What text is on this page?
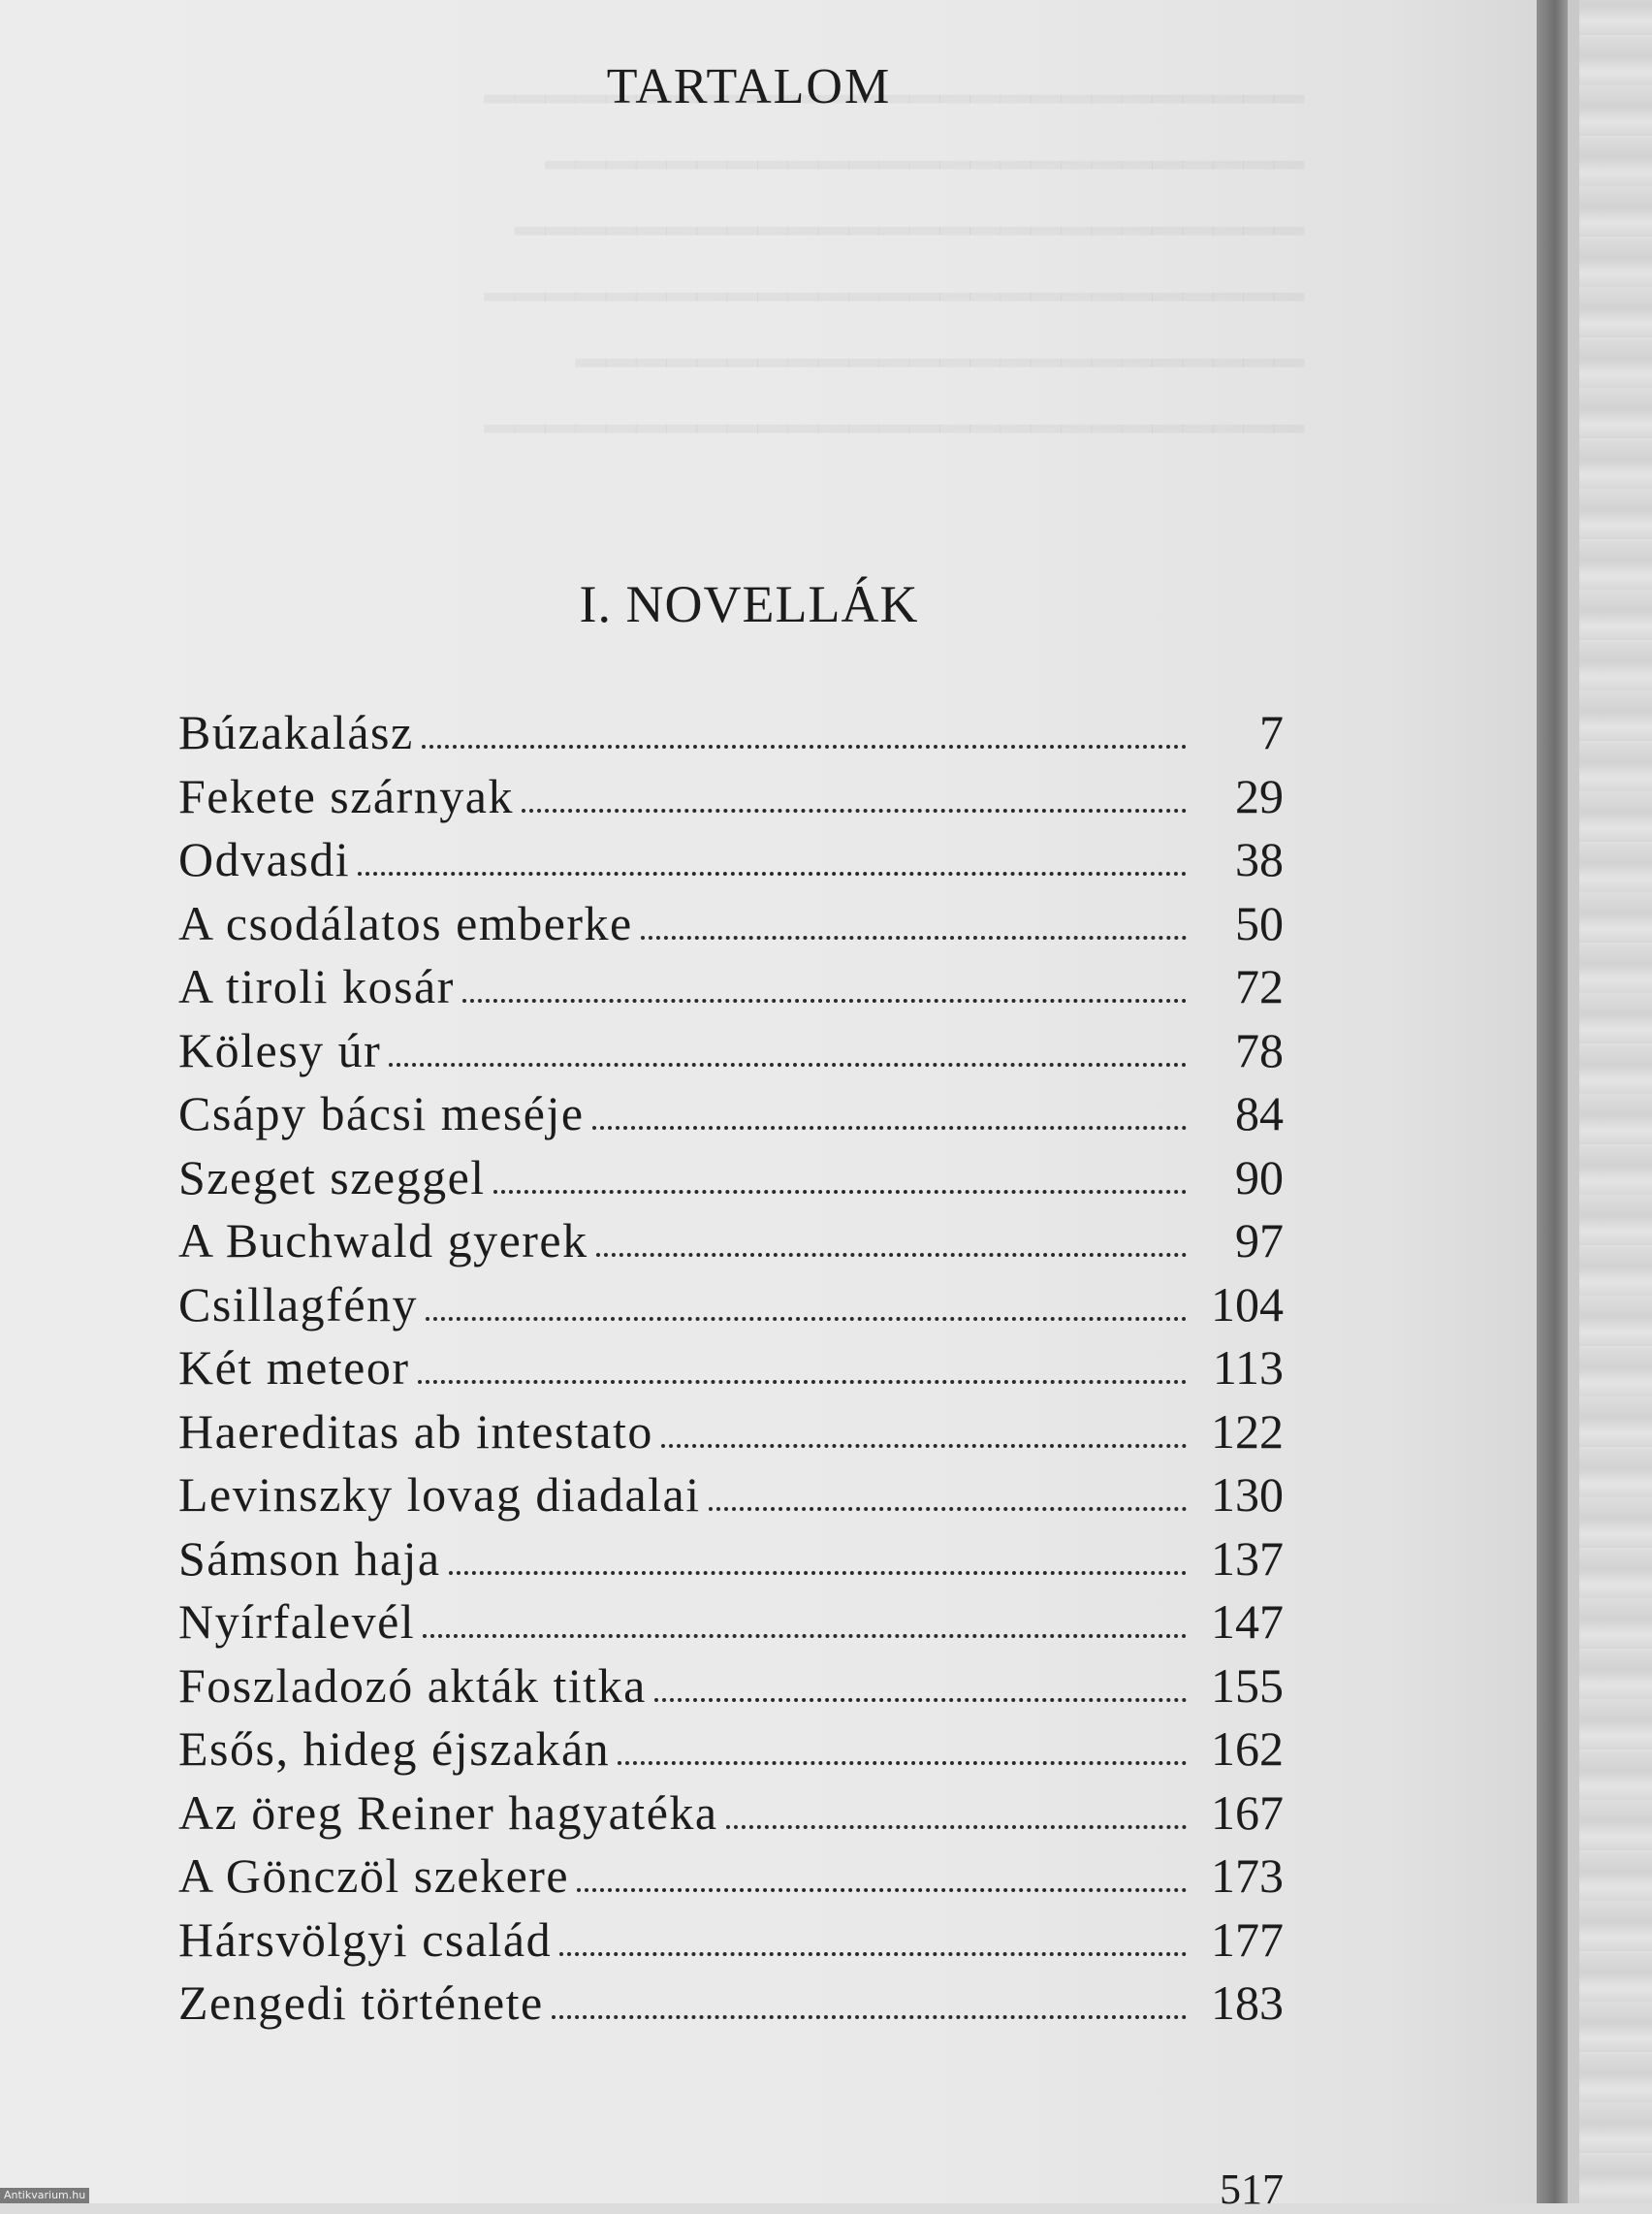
TARTALOM
I. NOVELLÁK
Búzakalász	7
Fekete szárnyak	29
Odvasdi	38
A csodálatos emberke	50
A tiroli kosár	72
Kölesy úr	78
Csápy bácsi meséje	84
Szeget szeggel	90
A Buchwald gyerek	97
Csillagfény	104
Két meteor	113
Haereditas ab intestato	122
Levinszky lovag diadalai	130
Sámson haja	137
Nyírfalevél	147
Foszladozó akták titka	155
Esős, hideg éjszakán	162
Az öreg Reiner hagyatéka	167
A Gönczöl szekere	173
Hársvölgyi család	177
Zengedi története	183
517
Antikvarium.hu
